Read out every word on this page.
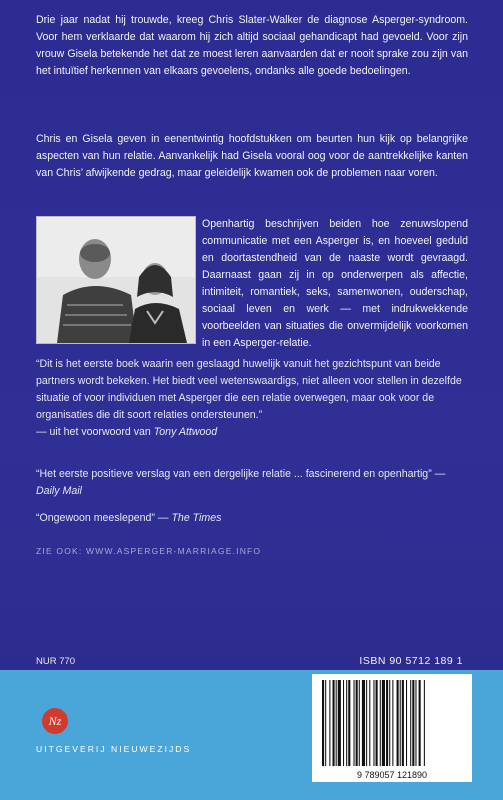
Drie jaar nadat hij trouwde, kreeg Chris Slater-Walker de diagnose Asperger-syndroom. Voor hem verklaarde dat waarom hij zich altijd sociaal gehandicapt had gevoeld. Voor zijn vrouw Gisela betekende het dat ze moest leren aanvaarden dat er nooit sprake zou zijn van het intuïtief herkennen van elkaars gevoelens, ondanks alle goede bedoelingen.
Chris en Gisela geven in eenentwintig hoofdstukken om beurten hun kijk op belangrijke aspecten van hun relatie. Aanvankelijk had Gisela vooral oog voor de aantrekkelijke kanten van Chris’ afwijkende gedrag, maar geleidelijk kwamen ook de problemen naar voren.
Openhartig beschrijven beiden hoe zenuwslopend communicatie met een Asperger is, en hoeveel geduld en doortastendheid van de naaste wordt gevraagd. Daarnaast gaan zij in op onderwerpen als affectie, intimiteit, romantiek, seks, samenwonen, ouderschap, sociaal leven en werk — met indrukwekkende voorbeelden van situaties die onvermijdelijk voorkomen in een Asperger-relatie.
“Dit is het eerste boek waarin een geslaagd huwelijk vanuit het gezichtspunt van beide partners wordt bekeken. Het biedt veel wetenswaardigs, niet alleen voor stellen in dezelfde situatie of voor individuen met Asperger die een relatie overwegen, maar ook voor de organisaties die dit soort relaties ondersteunen.”
— uit het voorwoord van Tony Attwood
“Het eerste positieve verslag van een dergelijke relatie ... fascinerend en openhartig” — Daily Mail
“Ongewoon meeslepend” — The Times
ZIE OOK: WWW.ASPERGER-MARRIAGE.INFO
NUR 770	ISBN 90 5712 189 1
Nz
UITGEVERIJ NIEUWEZIJDS
9 789057 121890
